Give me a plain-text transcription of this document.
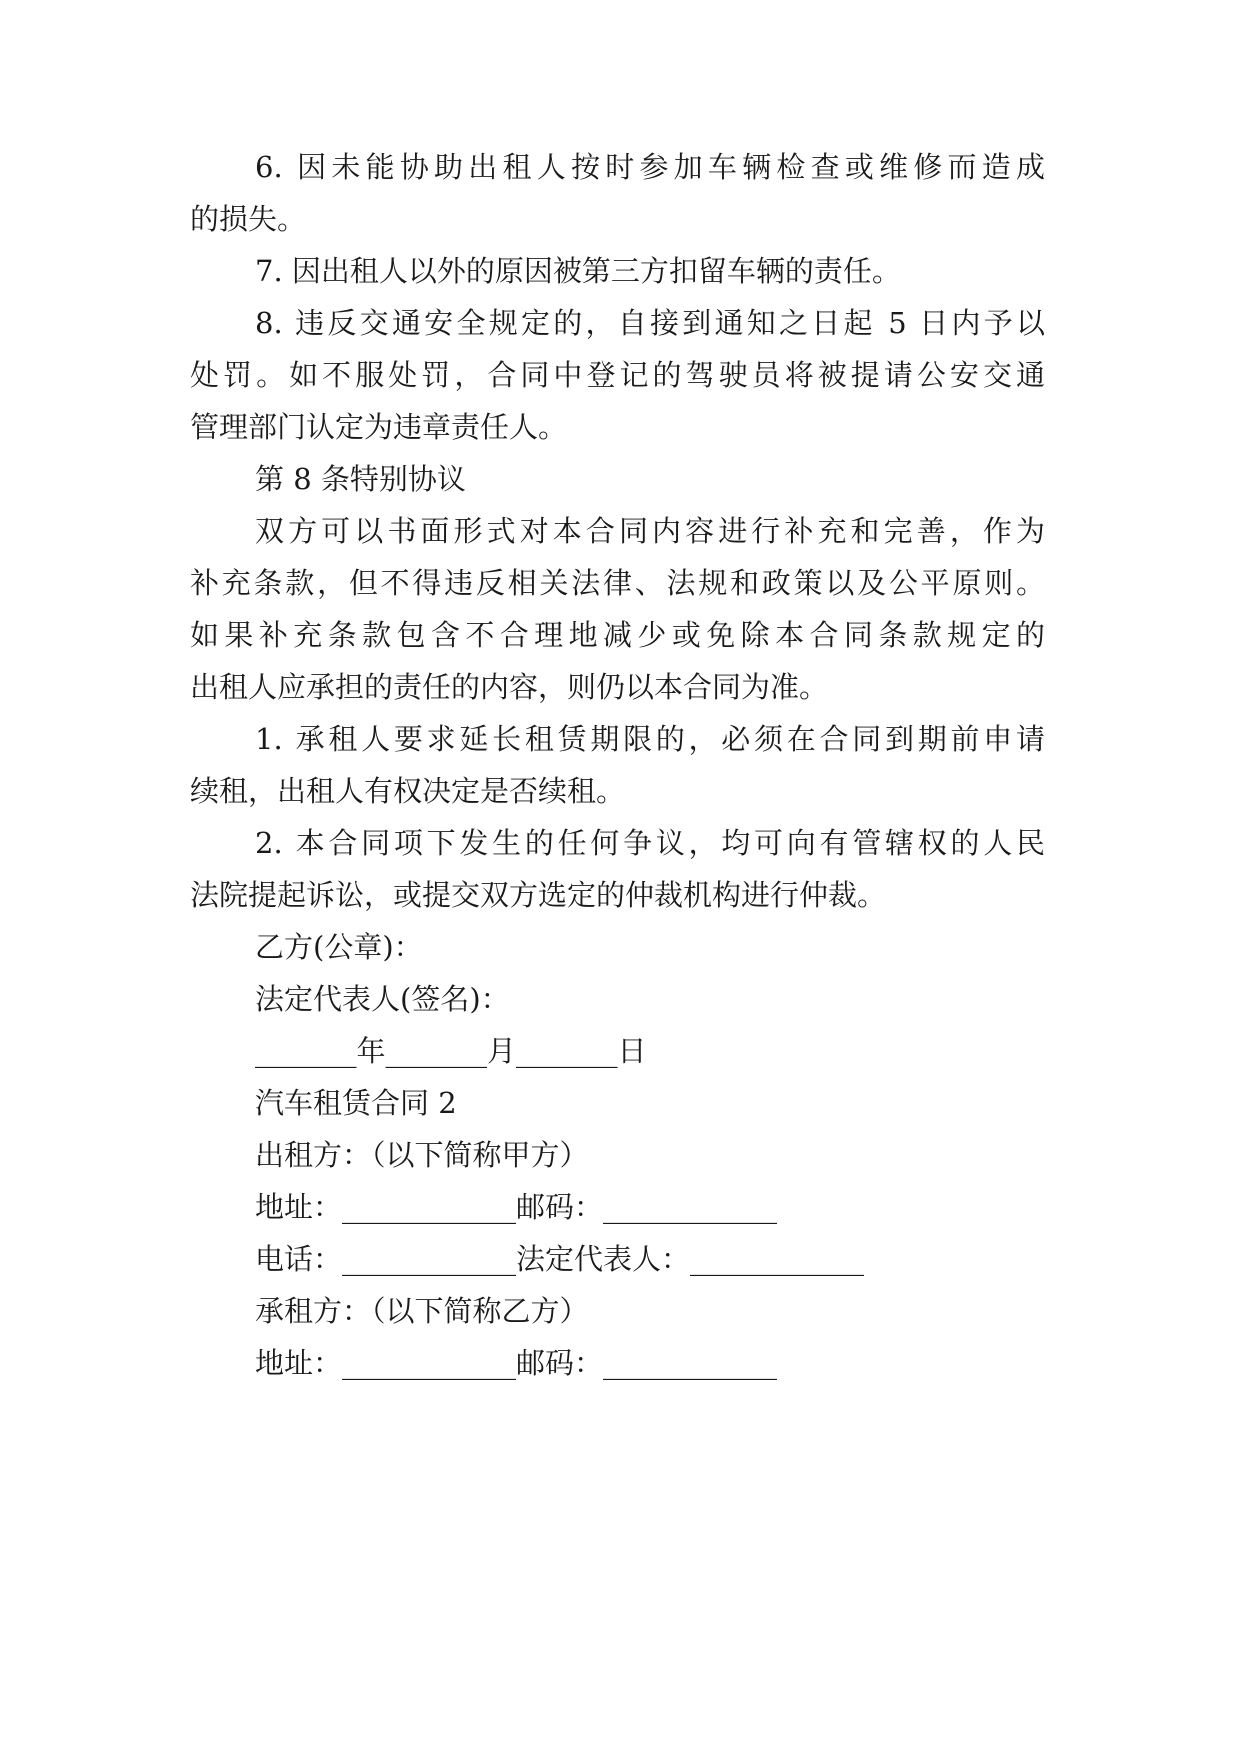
6. 因未能协助出租人按时参加车辆检查或维修而造成

的损失。

7. 因出租人以外的原因被第三方扣留车辆的责任。

8. 违反交通安全规定的，自接到通知之日起 5 日内予以

处罚。如不服处罚，合同中登记的驾驶员将被提请公安交通

管理部门认定为违章责任人。

第 8 条特别协议

双方可以书面形式对本合同内容进行补充和完善，作为

补充条款，但不得违反相关法律、法规和政策以及公平原则。

如果补充条款包含不合理地减少或免除本合同条款规定的

出租人应承担的责任的内容，则仍以本合同为准。

1. 承租人要求延长租赁期限的，必须在合同到期前申请

续租，出租人有权决定是否续租。

2. 本合同项下发生的任何争议，均可向有管辖权的人民

法院提起诉讼，或提交双方选定的仲裁机构进行仲裁。

乙方(公章)：

法定代表人(签名)：

_______年_______月_______日

汽车租赁合同 2

出租方：（以下简称甲方）

地址：____________邮码：____________

电话：____________法定代表人：____________

承租方：（以下简称乙方）

地址：____________邮码：____________
